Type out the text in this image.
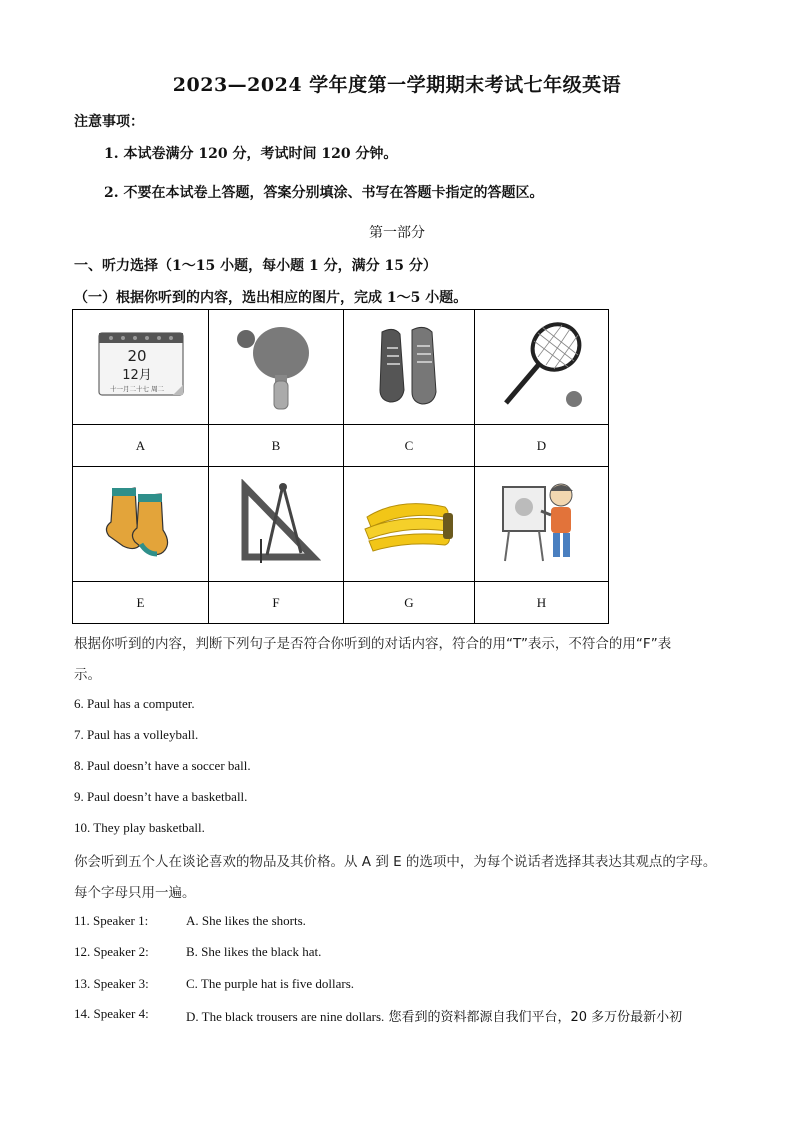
2023—2024 学年度第一学期期末考试七年级英语
注意事项：
1. 本试卷满分 120 分，考试时间 120 分钟。
2. 不要在本试卷上答题，答案分别填涂、书写在答题卡指定的答题区。
第一部分
一、听力选择（1～15 小题，每小题 1 分，满分 15 分）
（一）根据你听到的内容，选出相应的图片，完成 1～5 小题。
20
12月
十一月二十七 周二

A	B	C	D

E	F	G	H
根据你听到的内容，判断下列句子是否符合你听到的对话内容，符合的用“T”表示，不符合的用“F”表
示。
6. Paul has a computer.
7. Paul has a volleyball.
8. Paul doesn’t have a soccer ball.
9. Paul doesn’t have a basketball.
10. They play basketball.
你会听到五个人在谈论喜欢的物品及其价格。从 A 到 E 的选项中，为每个说话者选择其表达其观点的字母。
每个字母只用一遍。
11. Speaker 1:	A. She likes the shorts.
12. Speaker 2:	B. She likes the black hat.
13. Speaker 3:	C. The purple hat is five dollars.
14. Speaker 4:	D. The black trousers are nine dollars. 您看到的资料都源自我们平台，20 多万份最新小初
